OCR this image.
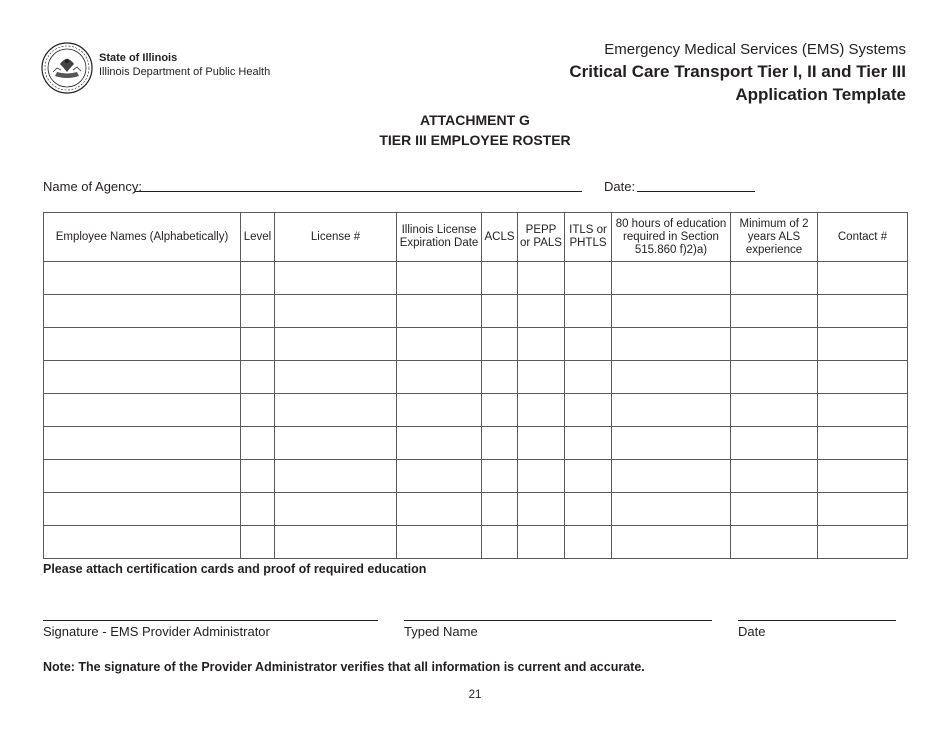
State of Illinois
Illinois Department of Public Health
Emergency Medical Services (EMS) Systems
Critical Care Transport Tier I, II and Tier III
Application Template
ATTACHMENT G
TIER III EMPLOYEE ROSTER
Name of Agency:	Date:
Employee Names (Alphabetically)	Level	License #	Illinois License Expiration Date	ACLS	PEPP or PALS	ITLS or PHTLS	80 hours of education required in Section 515.860 f)2)a)	Minimum of 2 years ALS experience	Contact #

Please attach certification cards and proof of required education
Signature - EMS Provider Administrator	Typed Name	Date
Note: The signature of the Provider Administrator verifies that all information is current and accurate.
21
